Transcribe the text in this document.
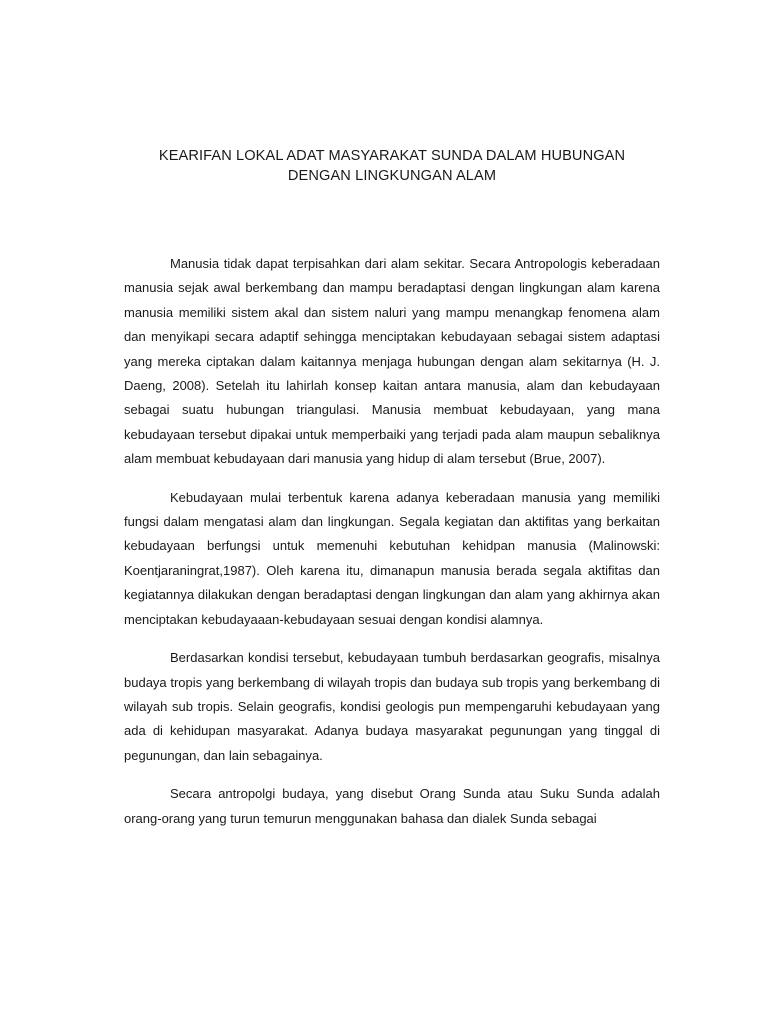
KEARIFAN LOKAL ADAT MASYARAKAT SUNDA DALAM HUBUNGAN
DENGAN LINGKUNGAN ALAM

Manusia tidak dapat terpisahkan dari alam sekitar. Secara Antropologis keberadaan manusia sejak awal berkembang dan mampu beradaptasi dengan lingkungan alam karena manusia memiliki sistem akal dan sistem naluri yang mampu menangkap fenomena alam dan menyikapi secara adaptif sehingga menciptakan kebudayaan sebagai sistem adaptasi yang mereka ciptakan dalam kaitannya menjaga hubungan dengan alam sekitarnya (H. J. Daeng, 2008). Setelah itu lahirlah konsep kaitan antara manusia, alam dan kebudayaan sebagai suatu hubungan triangulasi. Manusia membuat kebudayaan, yang mana kebudayaan tersebut dipakai untuk memperbaiki yang terjadi pada alam maupun sebaliknya alam membuat kebudayaan dari manusia yang hidup di alam tersebut (Brue, 2007).

Kebudayaan mulai terbentuk karena adanya keberadaan manusia yang memiliki fungsi dalam mengatasi alam dan lingkungan. Segala kegiatan dan aktifitas yang berkaitan kebudayaan berfungsi untuk memenuhi kebutuhan kehidpan manusia (Malinowski: Koentjaraningrat,1987). Oleh karena itu, dimanapun manusia berada segala aktifitas dan kegiatannya dilakukan dengan beradaptasi dengan lingkungan dan alam yang akhirnya akan menciptakan kebudayaaan-kebudayaan sesuai dengan kondisi alamnya.

Berdasarkan kondisi tersebut, kebudayaan tumbuh berdasarkan geografis, misalnya budaya tropis yang berkembang di wilayah tropis dan budaya sub tropis yang berkembang di wilayah sub tropis. Selain geografis, kondisi geologis pun mempengaruhi kebudayaan yang ada di kehidupan masyarakat. Adanya budaya masyarakat pegunungan yang tinggal di pegunungan, dan lain sebagainya.

Secara antropolgi budaya, yang disebut Orang Sunda atau Suku Sunda adalah orang-orang yang turun temurun menggunakan bahasa dan dialek Sunda sebagai
